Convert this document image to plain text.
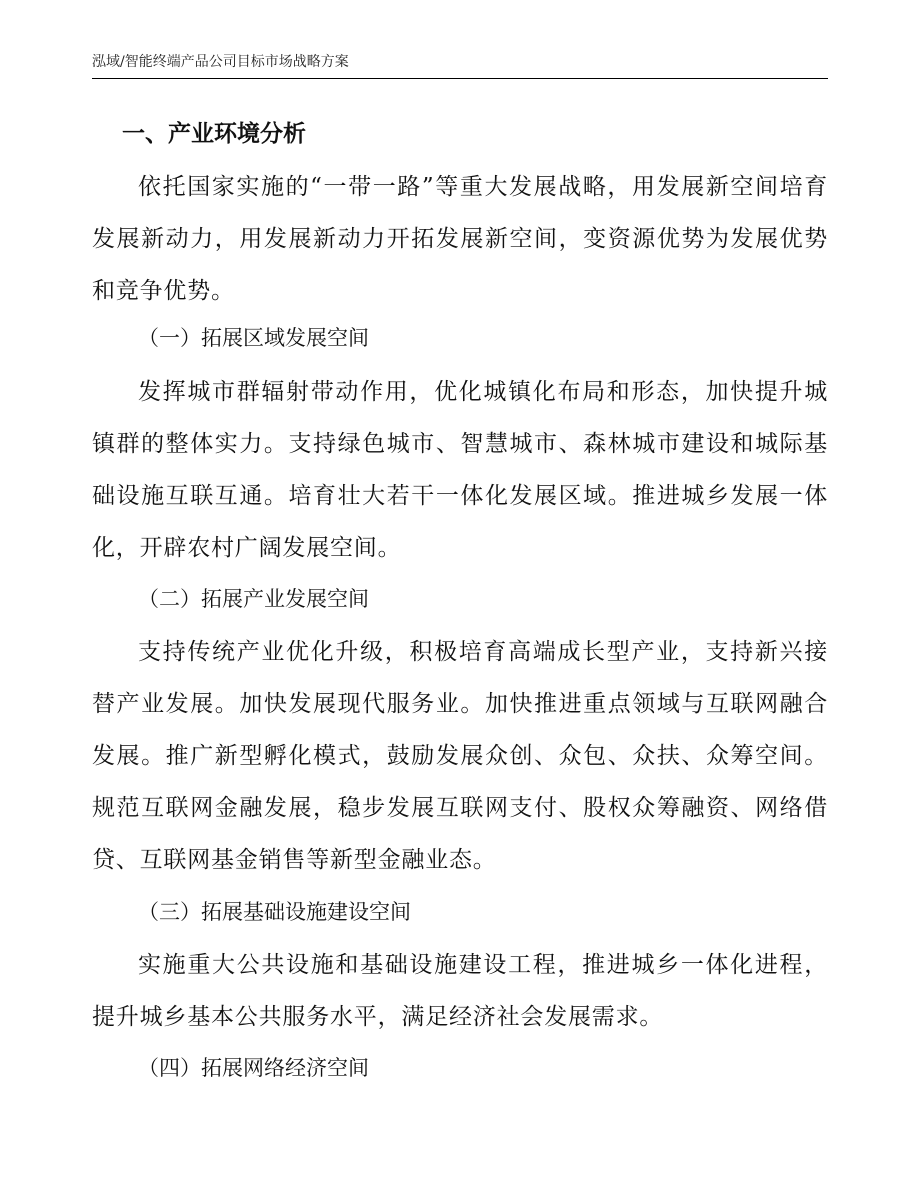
泓域/智能终端产品公司目标市场战略方案
一、产业环境分析

依托国家实施的“一带一路”等重大发展战略，用发展新空间培育发展新动力，用发展新动力开拓发展新空间，变资源优势为发展优势和竞争优势。

（一）拓展区域发展空间

发挥城市群辐射带动作用，优化城镇化布局和形态，加快提升城镇群的整体实力。支持绿色城市、智慧城市、森林城市建设和城际基础设施互联互通。培育壮大若干一体化发展区域。推进城乡发展一体化，开辟农村广阔发展空间。

（二）拓展产业发展空间

支持传统产业优化升级，积极培育高端成长型产业，支持新兴接替产业发展。加快发展现代服务业。加快推进重点领域与互联网融合发展。推广新型孵化模式，鼓励发展众创、众包、众扶、众筹空间。规范互联网金融发展，稳步发展互联网支付、股权众筹融资、网络借贷、互联网基金销售等新型金融业态。

（三）拓展基础设施建设空间

实施重大公共设施和基础设施建设工程，推进城乡一体化进程，提升城乡基本公共服务水平，满足经济社会发展需求。

（四）拓展网络经济空间
